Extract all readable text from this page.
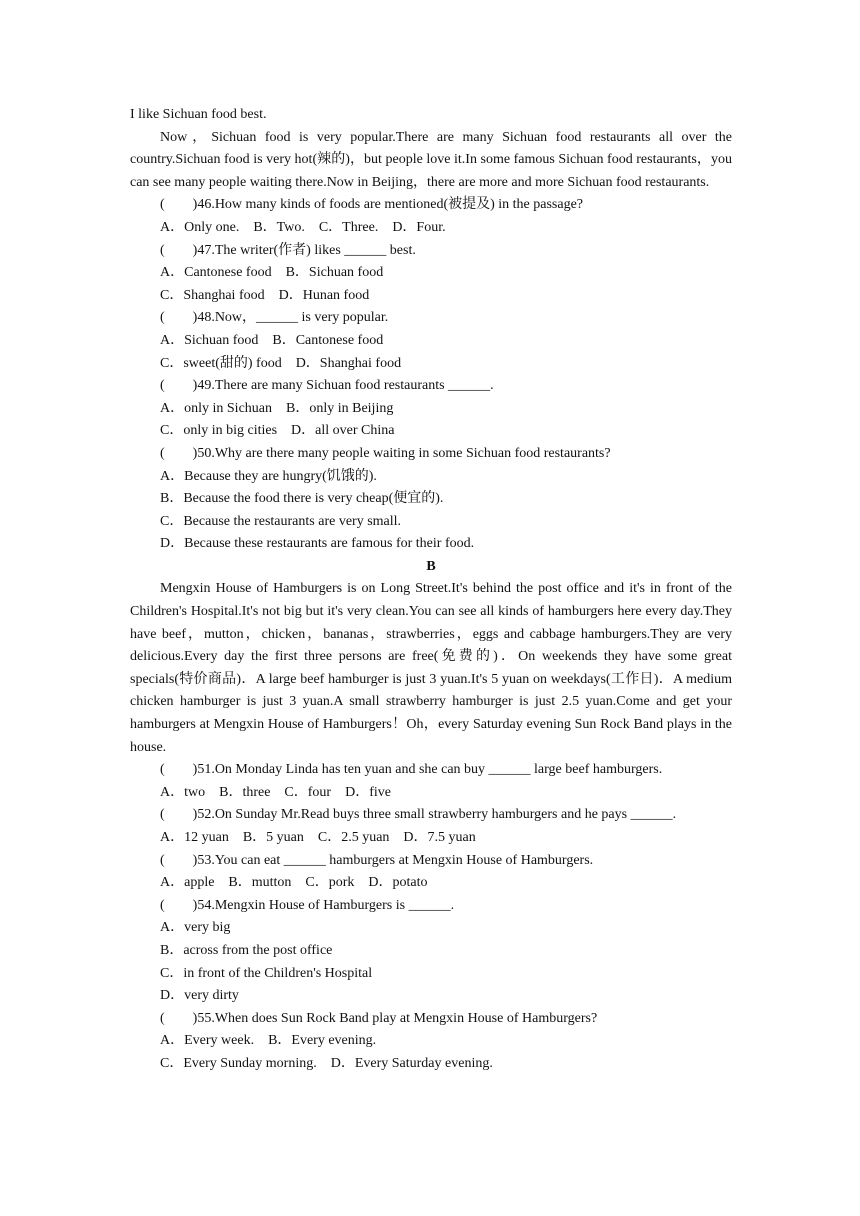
I like Sichuan food best.

Now，Sichuan food is very popular.There are many Sichuan food restaurants all over the country.Sichuan food is very hot(辣的)，but people love it.In some famous Sichuan food restaurants，you can see many people waiting there.Now in Beijing，there are more and more Sichuan food restaurants.

(  )46.How many kinds of foods are mentioned(被提及) in the passage?

A．Only one. B．Two. C．Three. D．Four.

(  )47.The writer(作者) likes ______ best.

A．Cantonese food B．Sichuan food

C．Shanghai food D．Hunan food

(  )48.Now，______ is very popular.

A．Sichuan food B．Cantonese food

C．sweet(甜的) food D．Shanghai food

(  )49.There are many Sichuan food restaurants ______.

A．only in Sichuan B．only in Beijing

C．only in big cities D．all over China

(  )50.Why are there many people waiting in some Sichuan food restaurants?

A．Because they are hungry(饥饿的).

B．Because the food there is very cheap(便宜的).

C．Because the restaurants are very small.

D．Because these restaurants are famous for their food.

B

Mengxin House of Hamburgers is on Long Street.It's behind the post office and it's in front of the Children's Hospital.It's not big but it's very clean.You can see all kinds of hamburgers here every day.They have beef，mutton，chicken，bananas，strawberries，eggs and cabbage hamburgers.They are very delicious.Every day the first three persons are free(免费的)．On weekends they have some great specials(特价商品)．A large beef hamburger is just 3 yuan.It's 5 yuan on weekdays(工作日)．A medium chicken hamburger is just 3 yuan.A small strawberry hamburger is just 2.5 yuan.Come and get your hamburgers at Mengxin House of Hamburgers！Oh，every Saturday evening Sun Rock Band plays in the house.

(  )51.On Monday Linda has ten yuan and she can buy ______ large beef hamburgers.

A．two B．three C．four D．five

(  )52.On Sunday Mr.Read buys three small strawberry hamburgers and he pays ______.

A．12 yuan B．5 yuan C．2.5 yuan D．7.5 yuan

(  )53.You can eat ______ hamburgers at Mengxin House of Hamburgers.

A．apple B．mutton C．pork D．potato

(  )54.Mengxin House of Hamburgers is ______.

A．very big

B．across from the post office

C．in front of the Children's Hospital

D．very dirty

(  )55.When does Sun Rock Band play at Mengxin House of Hamburgers?

A．Every week. B．Every evening.

C．Every Sunday morning. D．Every Saturday evening.
